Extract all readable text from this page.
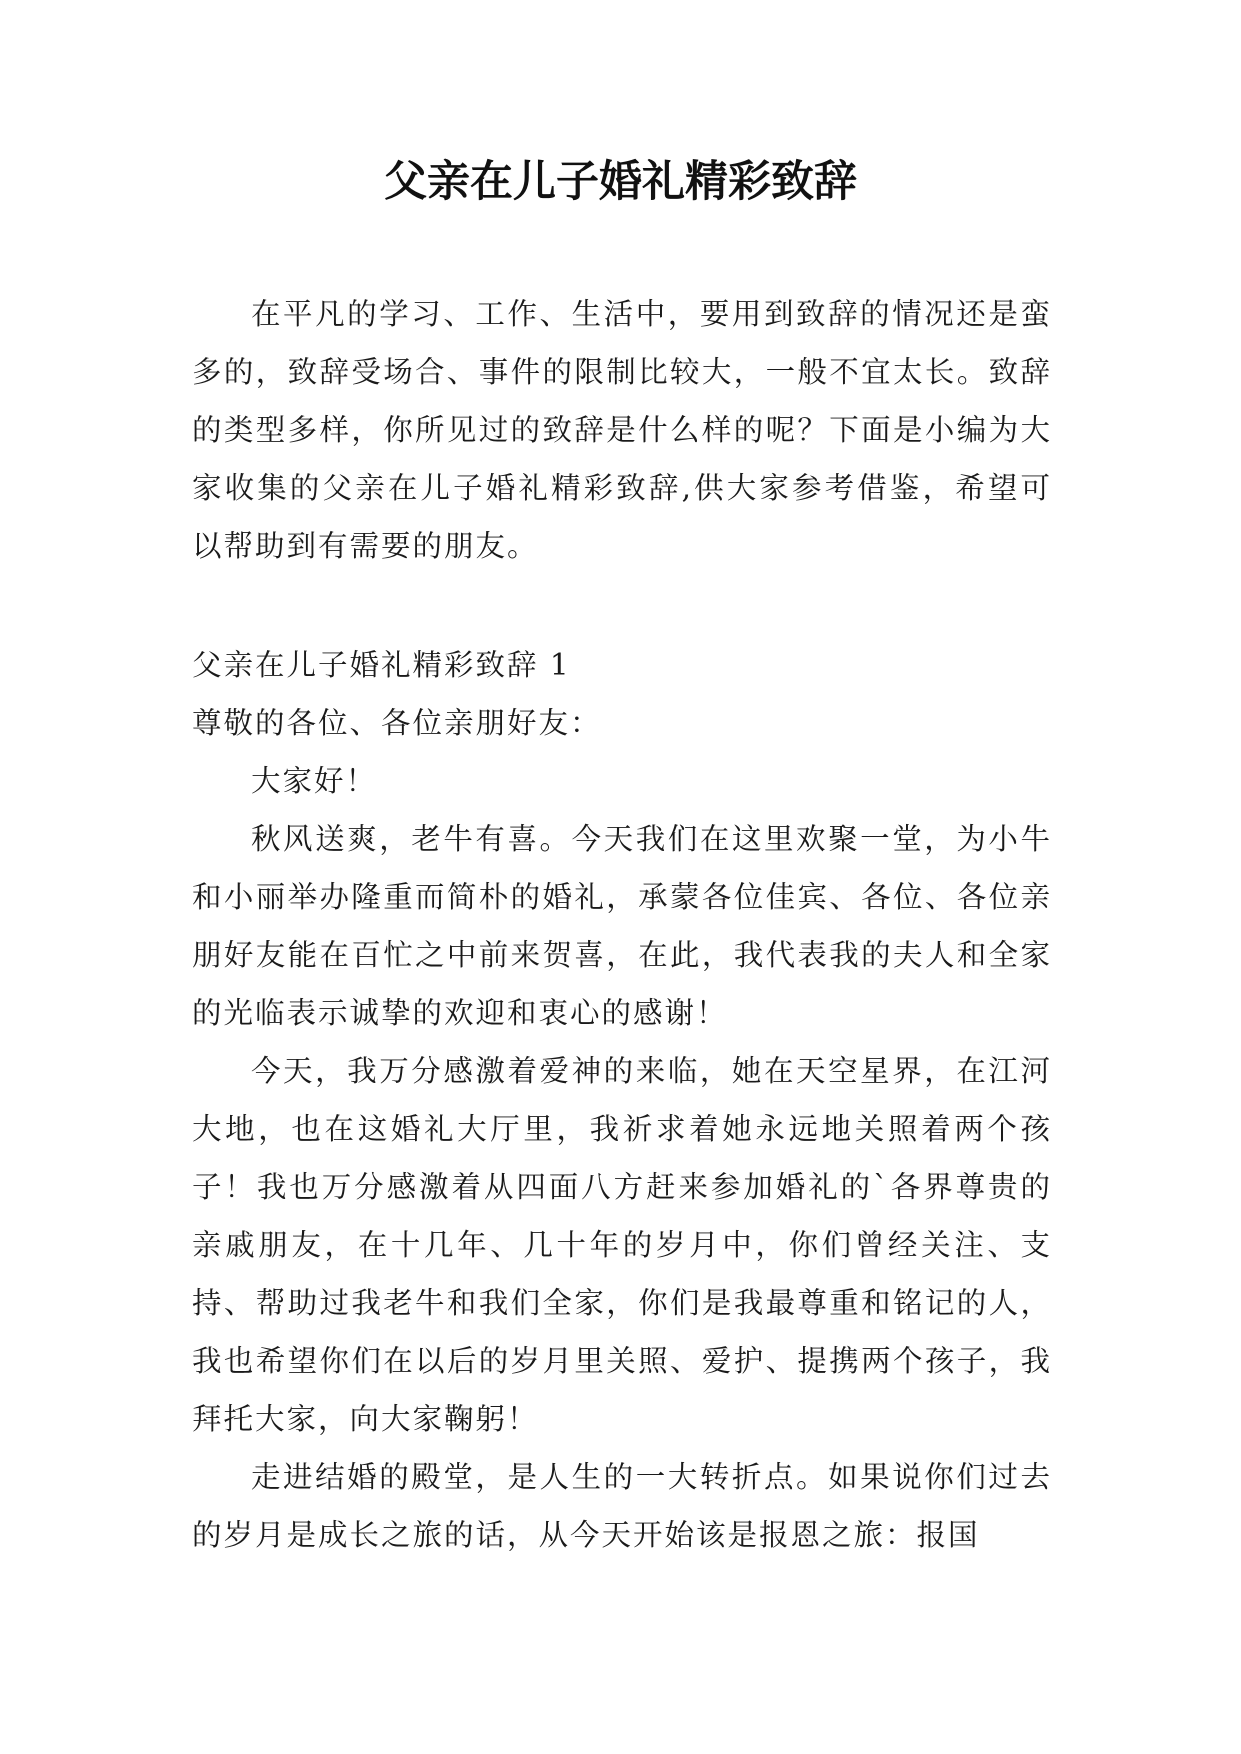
父亲在儿子婚礼精彩致辞

在平凡的学习、工作、生活中，要用到致辞的情况还是蛮多的，致辞受场合、事件的限制比较大，一般不宜太长。致辞的类型多样，你所见过的致辞是什么样的呢？下面是小编为大家收集的父亲在儿子婚礼精彩致辞,供大家参考借鉴，希望可以帮助到有需要的朋友。

父亲在儿子婚礼精彩致辞 1

尊敬的各位、各位亲朋好友：

大家好！

秋风送爽，老牛有喜。今天我们在这里欢聚一堂，为小牛和小丽举办隆重而简朴的婚礼，承蒙各位佳宾、各位、各位亲朋好友能在百忙之中前来贺喜，在此，我代表我的夫人和全家的光临表示诚挚的欢迎和衷心的感谢！

今天，我万分感激着爱神的来临，她在天空星界，在江河大地，也在这婚礼大厅里，我祈求着她永远地关照着两个孩子！我也万分感激着从四面八方赶来参加婚礼的`各界尊贵的亲戚朋友，在十几年、几十年的岁月中，你们曾经关注、支持、帮助过我老牛和我们全家，你们是我最尊重和铭记的人，我也希望你们在以后的岁月里关照、爱护、提携两个孩子，我拜托大家，向大家鞠躬！

走进结婚的殿堂，是人生的一大转折点。如果说你们过去的岁月是成长之旅的话，从今天开始该是报恩之旅：报国
